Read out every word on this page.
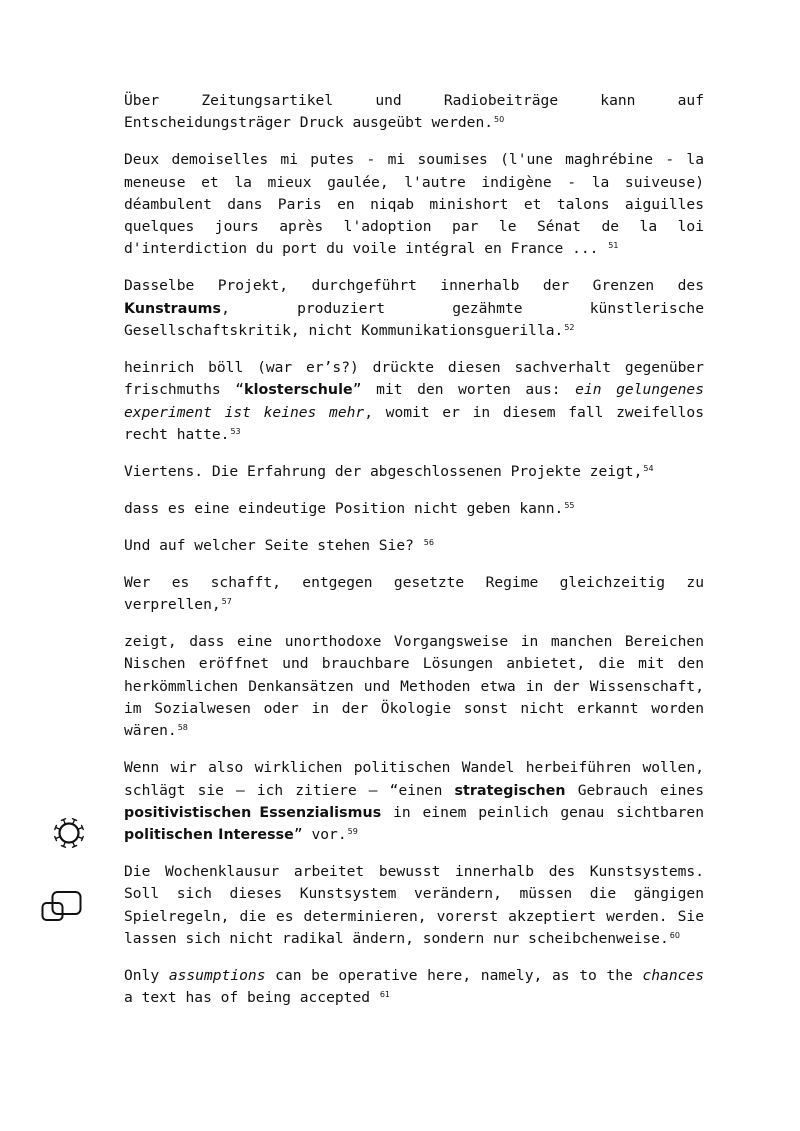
Über Zeitungsartikel und Radiobeiträge kann auf Entscheidungsträger Druck ausgeübt werden.$^{50}$

Deux demoiselles mi putes - mi soumises (l'une maghrébine - la meneuse et la mieux gaulée, l'autre indigène - la suiveuse) déambulent dans Paris en niqab minishort et talons aiguilles quelques jours après l'adoption par le Sénat de la loi d'interdiction du port du voile intégral en France ... $^{51}$

Dasselbe Projekt, durchgeführt innerhalb der Grenzen des Kunstraums, produziert gezähmte künstlerische Gesellschaftskritik, nicht Kommunikationsguerilla.$^{52}$

heinrich böll (war er’s?) drückte diesen sachverhalt gegenüber frischmuths “klosterschule” mit den worten aus: ein gelungenes experiment ist keines mehr, womit er in diesem fall zweifellos recht hatte.$^{53}$

Viertens. Die Erfahrung der abgeschlossenen Projekte zeigt,$^{54}$

dass es eine eindeutige Position nicht geben kann.$^{55}$

Und auf welcher Seite stehen Sie? $^{56}$

Wer es schafft, entgegen gesetzte Regime gleichzeitig zu verprellen,$^{57}$

zeigt, dass eine unorthodoxe Vorgangsweise in manchen Bereichen Nischen eröffnet und brauchbare Lösungen anbietet, die mit den herkömmlichen Denkansätzen und Methoden etwa in der Wissenschaft, im Sozialwesen oder in der Ökologie sonst nicht erkannt worden wären.$^{58}$

Wenn wir also wirklichen politischen Wandel herbeiführen wollen, schlägt sie – ich zitiere – “einen strategischen Gebrauch eines positivistischen Essenzialismus in einem peinlich genau sichtbaren politischen Interesse” vor.$^{59}$

Die Wochenklausur arbeitet bewusst innerhalb des Kunstsystems. Soll sich dieses Kunstsystem verändern, müssen die gängigen Spielregeln, die es determinieren, vorerst akzeptiert werden. Sie lassen sich nicht radikal ändern, sondern nur scheibchenweise.$^{60}$

Only assumptions can be operative here, namely, as to the chances a text has of being accepted $^{61}$
